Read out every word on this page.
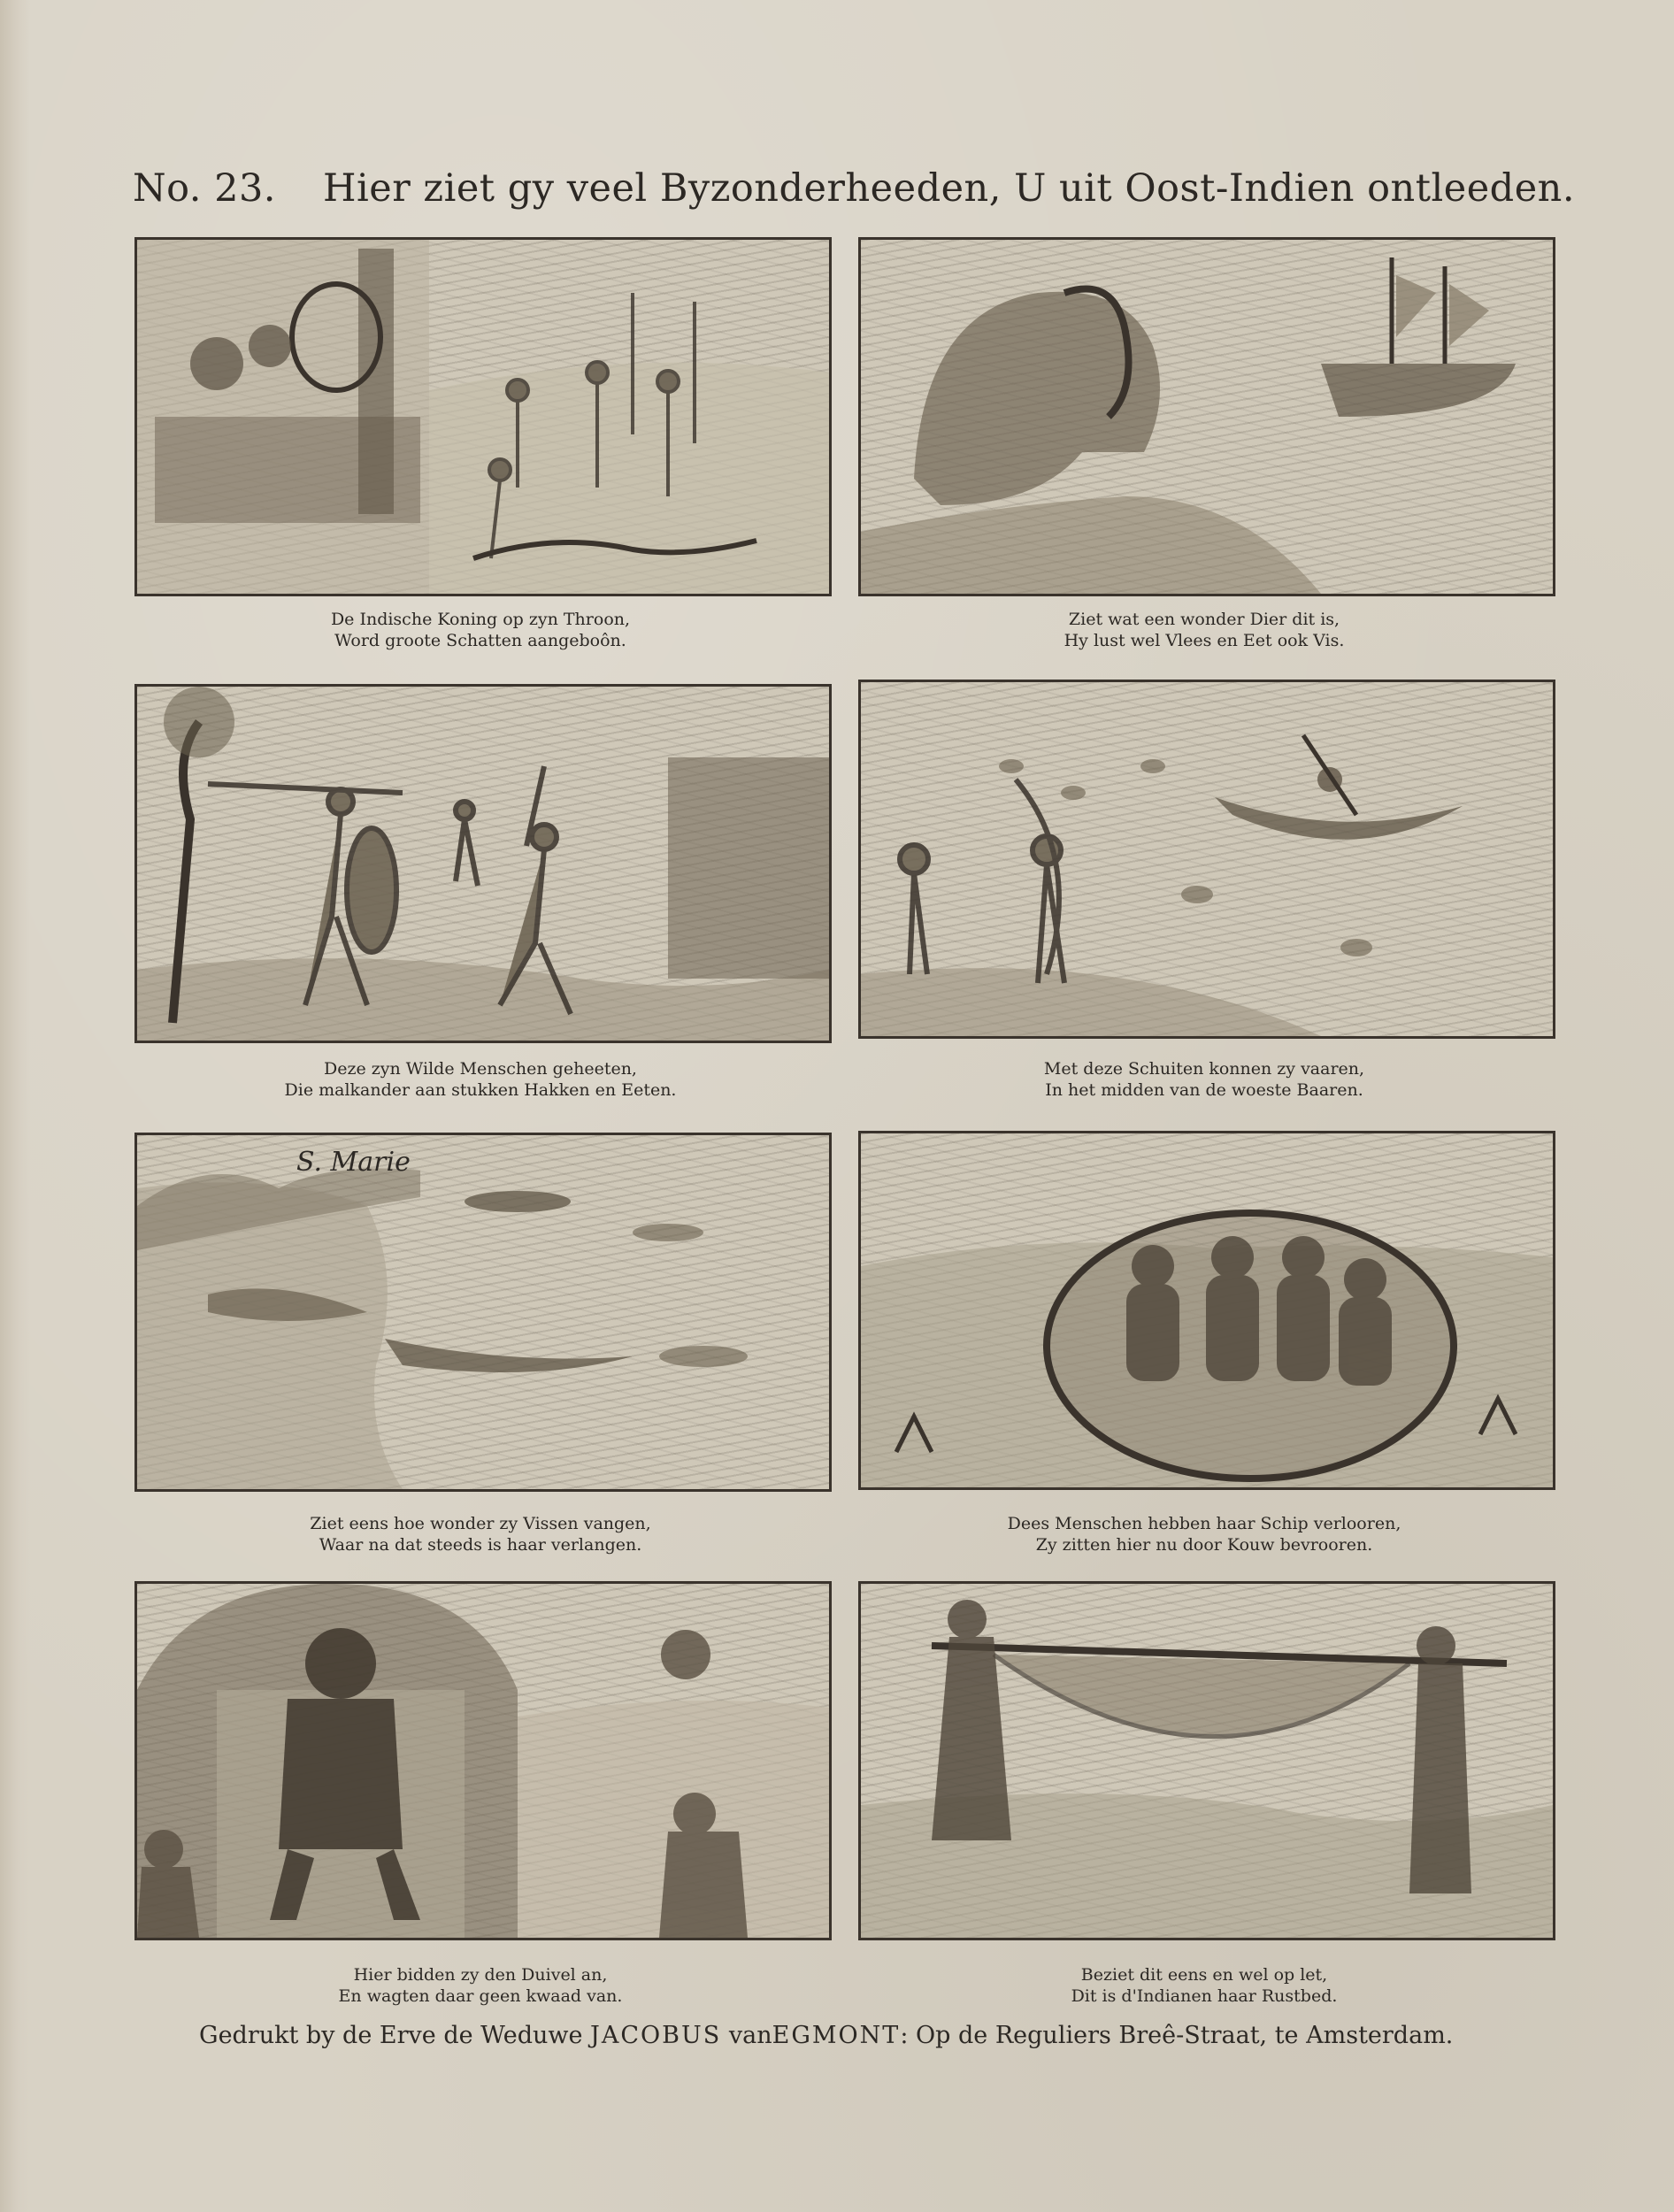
No. 23. Hier ziet gy veel Byzonderheeden, U uit Oost-Indien ontleeden.
De Indische Koning op zyn Throon,
Word groote Schatten aangeboôn.
Ziet wat een wonder Dier dit is,
Hy lust wel Vlees en Eet ook Vis.
Deze zyn Wilde Menschen geheeten,
Die malkander aan stukken Hakken en Eeten.
Met deze Schuiten konnen zy vaaren,
In het midden van de woeste Baaren.
S. Marie
Ziet eens hoe wonder zy Vissen vangen,
Waar na dat steeds is haar verlangen.
Dees Menschen hebben haar Schip verlooren,
Zy zitten hier nu door Kouw bevrooren.
Hier bidden zy den Duivel an,
En wagten daar geen kwaad van.
Beziet dit eens en wel op let,
Dit is d'Indianen haar Rustbed.
Gedrukt by de Erve de Weduwe JACOBUS vanEGMONT: Op de Reguliers Breê-Straat, te Amsterdam.
